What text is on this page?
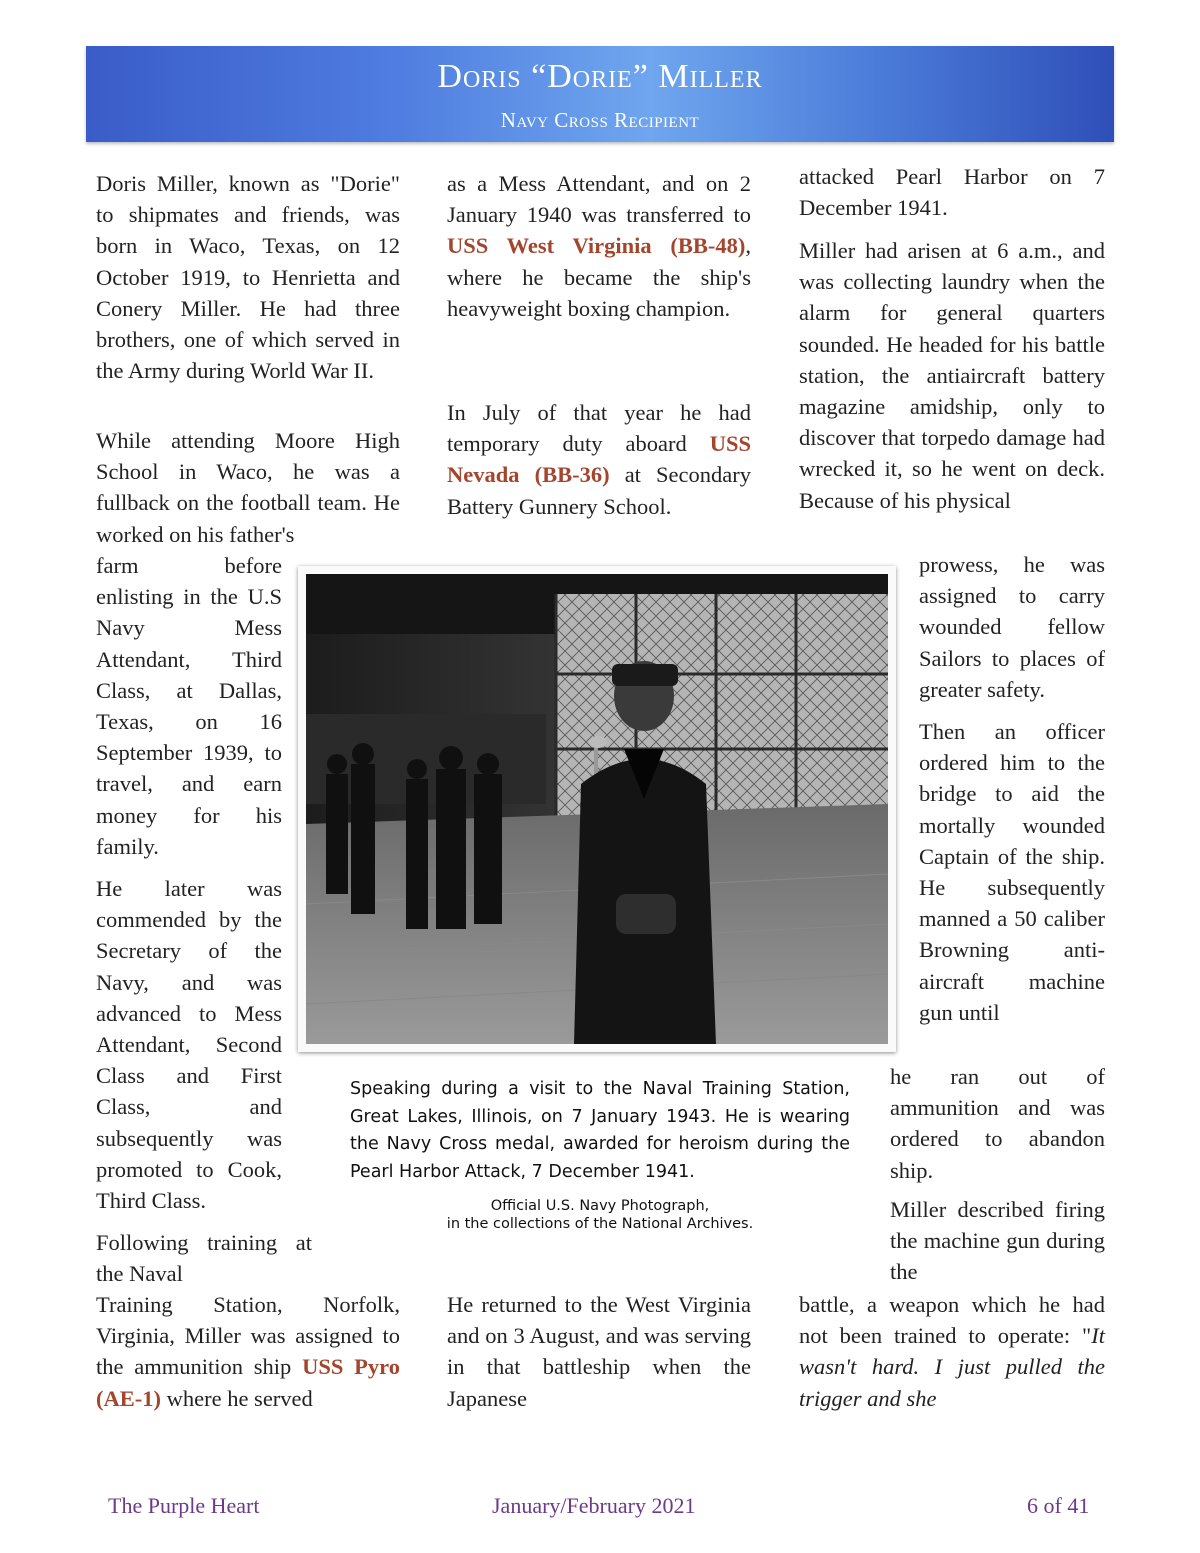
Doris “Dorie” Miller
Navy Cross Recipient

Doris Miller, known as "Dorie" to shipmates and friends, was born in Waco, Texas, on 12 October 1919, to Henrietta and Conery Miller. He had three brothers, one of which served in the Army during World War II.

While attending Moore High School in Waco, he was a fullback on the football team. He worked on his father's

farm before enlisting in the U.S Navy Mess Attendant, Third Class, at Dallas, Texas, on 16 September 1939, to travel, and earn money for his family.

He later was commended by the Secretary of the Navy, and was advanced to Mess Attendant, Second Class and First Class, and subsequently was promoted to Cook, Third Class.

Following training at the Naval

Training Station, Norfolk, Virginia, Miller was assigned to the ammunition ship USS Pyro (AE-1) where he served

as a Mess Attendant, and on 2 January 1940 was transferred to USS West Virginia (BB-48), where he became the ship's heavyweight boxing champion.

In July of that year he had temporary duty aboard USS Nevada (BB-36) at Secondary Battery Gunnery School.

He returned to the West Virginia and on 3 August, and was serving in that battleship when the Japanese

attacked Pearl Harbor on 7 December 1941.

Miller had arisen at 6 a.m., and was collecting laundry when the alarm for general quarters sounded. He headed for his battle station, the antiaircraft battery magazine amidship, only to discover that torpedo damage had wrecked it, so he went on deck. Because of his physical

prowess, he was assigned to carry wounded fellow Sailors to places of greater safety.

Then an officer ordered him to the bridge to aid the mortally wounded Captain of the ship. He subsequently manned a 50 caliber Browning anti-aircraft machine gun until

he ran out of ammunition and was ordered to abandon ship.

Miller described firing the machine gun during the

battle, a weapon which he had not been trained to operate: "It wasn't hard. I just pulled the trigger and she

Speaking during a visit to the Naval Training Station, Great Lakes, Illinois, on 7 January 1943. He is wearing the Navy Cross medal, awarded for heroism during the Pearl Harbor Attack, 7 December 1941.
Official U.S. Navy Photograph,
in the collections of the National Archives.
The Purple Heart	January/February 2021	6 of 41
